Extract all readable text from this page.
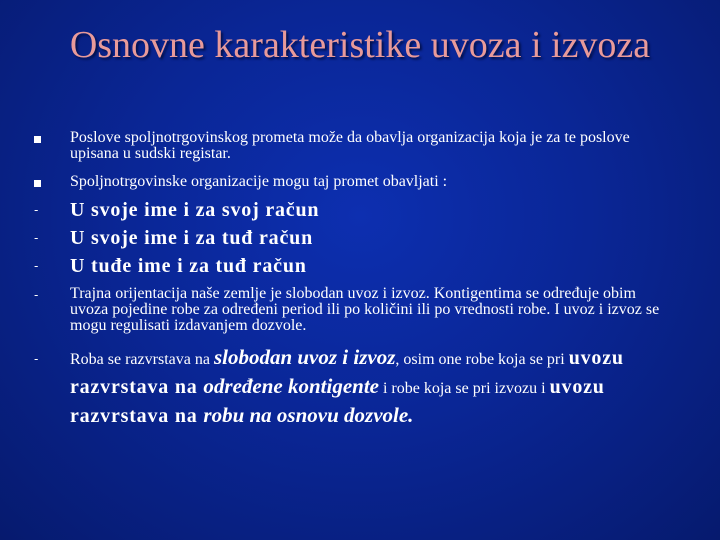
Osnovne karakteristike uvoza i izvoza
Poslove spoljnotrgovinskog prometa može da obavlja organizacija koja je za te poslove upisana u sudski registar.
Spoljnotrgovinske organizacije mogu taj promet obavljati :
- U svoje ime i za svoj račun
- U svoje ime i za tuđ račun
- U tuđe ime i za tuđ račun
- Trajna orijentacija naše zemlje je slobodan uvoz i izvoz. Kontigentima se određuje obim uvoza pojedine robe za određeni period ili po količini ili po vrednosti robe. I uvoz i izvoz se mogu regulisati izdavanjem dozvole.
- Roba se razvrstava na slobodan uvoz i izvoz, osim one robe koja se pri uvozu razvrstava na određene kontigente i robe koja se pri izvozu i uvozu razvrstava na robu na osnovu dozvole.
